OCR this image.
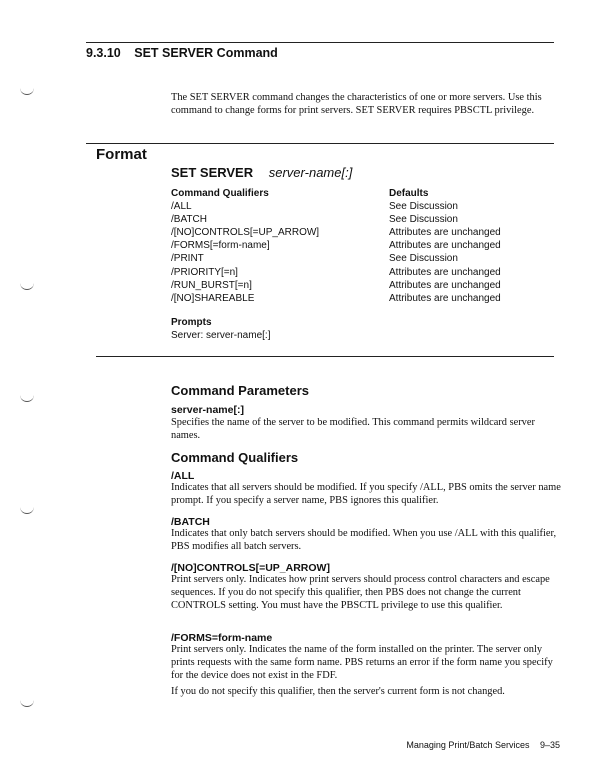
9.3.10 SET SERVER Command
The SET SERVER command changes the characteristics of one or more servers. Use this command to change forms for print servers. SET SERVER requires PBSCTL privilege.
Format
SET SERVER server-name[:]
Command Qualifiers
/ALL
/BATCH
/[NO]CONTROLS[=UP_ARROW]
/FORMS[=form-name]
/PRINT
/PRIORITY[=n]
/RUN_BURST[=n]
/[NO]SHAREABLE
Defaults
See Discussion
See Discussion
Attributes are unchanged
Attributes are unchanged
See Discussion
Attributes are unchanged
Attributes are unchanged
Attributes are unchanged
Prompts
Server: server-name[:]
Command Parameters
server-name[:]
Specifies the name of the server to be modified. This command permits wildcard server names.
Command Qualifiers
/ALL
Indicates that all servers should be modified. If you specify /ALL, PBS omits the server name prompt. If you specify a server name, PBS ignores this qualifier.
/BATCH
Indicates that only batch servers should be modified. When you use /ALL with this qualifier, PBS modifies all batch servers.
/[NO]CONTROLS[=UP_ARROW]
Print servers only. Indicates how print servers should process control characters and escape sequences. If you do not specify this qualifier, then PBS does not change the current CONTROLS setting. You must have the PBSCTL privilege to use this qualifier.
/FORMS=form-name
Print servers only. Indicates the name of the form installed on the printer. The server only prints requests with the same form name. PBS returns an error if the form name you specify for the device does not exist in the FDF.
If you do not specify this qualifier, then the server's current form is not changed.
Managing Print/Batch Services 9–35
